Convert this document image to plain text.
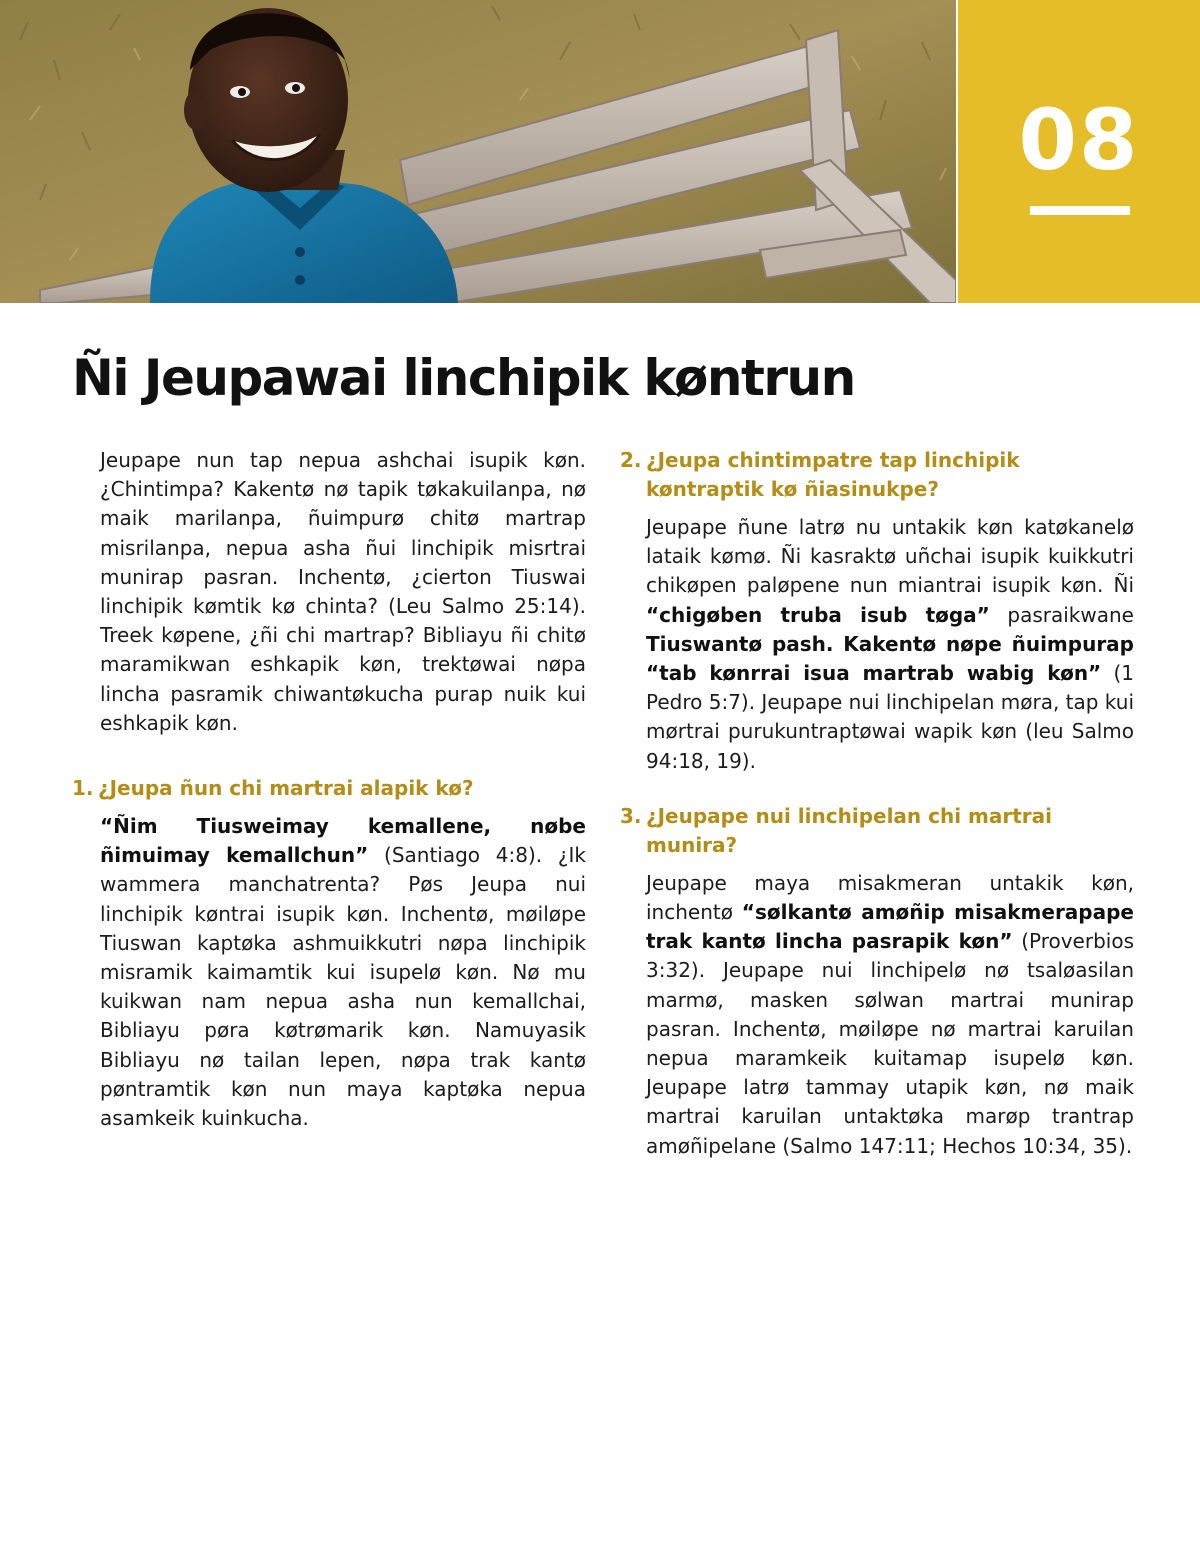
08
Ñi Jeupawai linchipik køntrun

Jeupape nun tap nepua ashchai isupik køn. ¿Chintimpa? Kakentø nø tapik tøkakuilanpa, nø maik marilanpa, ñuimpurø chitø martrap misrilanpa, nepua asha ñui linchipik misrtrai munirap pasran. Inchentø, ¿cierton Tiuswai linchipik kømtik kø chinta? (Leu Salmo 25:14). Treek køpene, ¿ñi chi martrap? Bibliayu ñi chitø maramikwan eshkapik køn, trektøwai nøpa lincha pasramik chiwantøkucha purap nuik kui eshkapik køn.

1. ¿Jeupa ñun chi martrai alapik kø?

“Ñim Tiusweimay kemallene, nøbe ñimuimay kemallchun” (Santiago 4:8). ¿Ik wammera manchatrenta? Pøs Jeupa nui linchipik køntrai isupik køn. Inchentø, møiløpe Tiuswan kaptøka ashmuikkutri nøpa linchipik misramik kaimamtik kui isupelø køn. Nø mu kuikwan nam nepua asha nun kemallchai, Bibliayu pøra køtrømarik køn. Namuyasik Bibliayu nø tailan lepen, nøpa trak kantø pøntramtik køn nun maya kaptøka nepua asamkeik kuinkucha.

2. ¿Jeupa chintimpatre tap linchipik køntraptik kø ñiasinukpe?

Jeupape ñune latrø nu untakik køn katøkanelø lataik kømø. Ñi kasraktø uñchai isupik kuikkutri chikøpen paløpene nun miantrai isupik køn. Ñi “chigøben truba isub tøga” pasraikwane Tiuswantø pash. Kakentø nøpe ñuimpurap “tab kønrrai isua martrab wabig køn” (1 Pedro 5:7). Jeupape nui linchipelan møra, tap kui mørtrai purukuntraptøwai wapik køn (leu Salmo 94:18, 19).

3. ¿Jeupape nui linchipelan chi martrai munira?

Jeupape maya misakmeran untakik køn, inchentø “sølkantø amøñip misakmerapape trak kantø lincha pasrapik køn” (Proverbios 3:32). Jeupape nui linchipelø nø tsaløasilan marmø, masken sølwan martrai munirap pasran. Inchentø, møiløpe nø martrai karuilan nepua maramkeik kuitamap isupelø køn. Jeupape latrø tammay utapik køn, nø maik martrai karuilan untaktøka marøp trantrap amøñipelane (Salmo 147:11; Hechos 10:34, 35).
